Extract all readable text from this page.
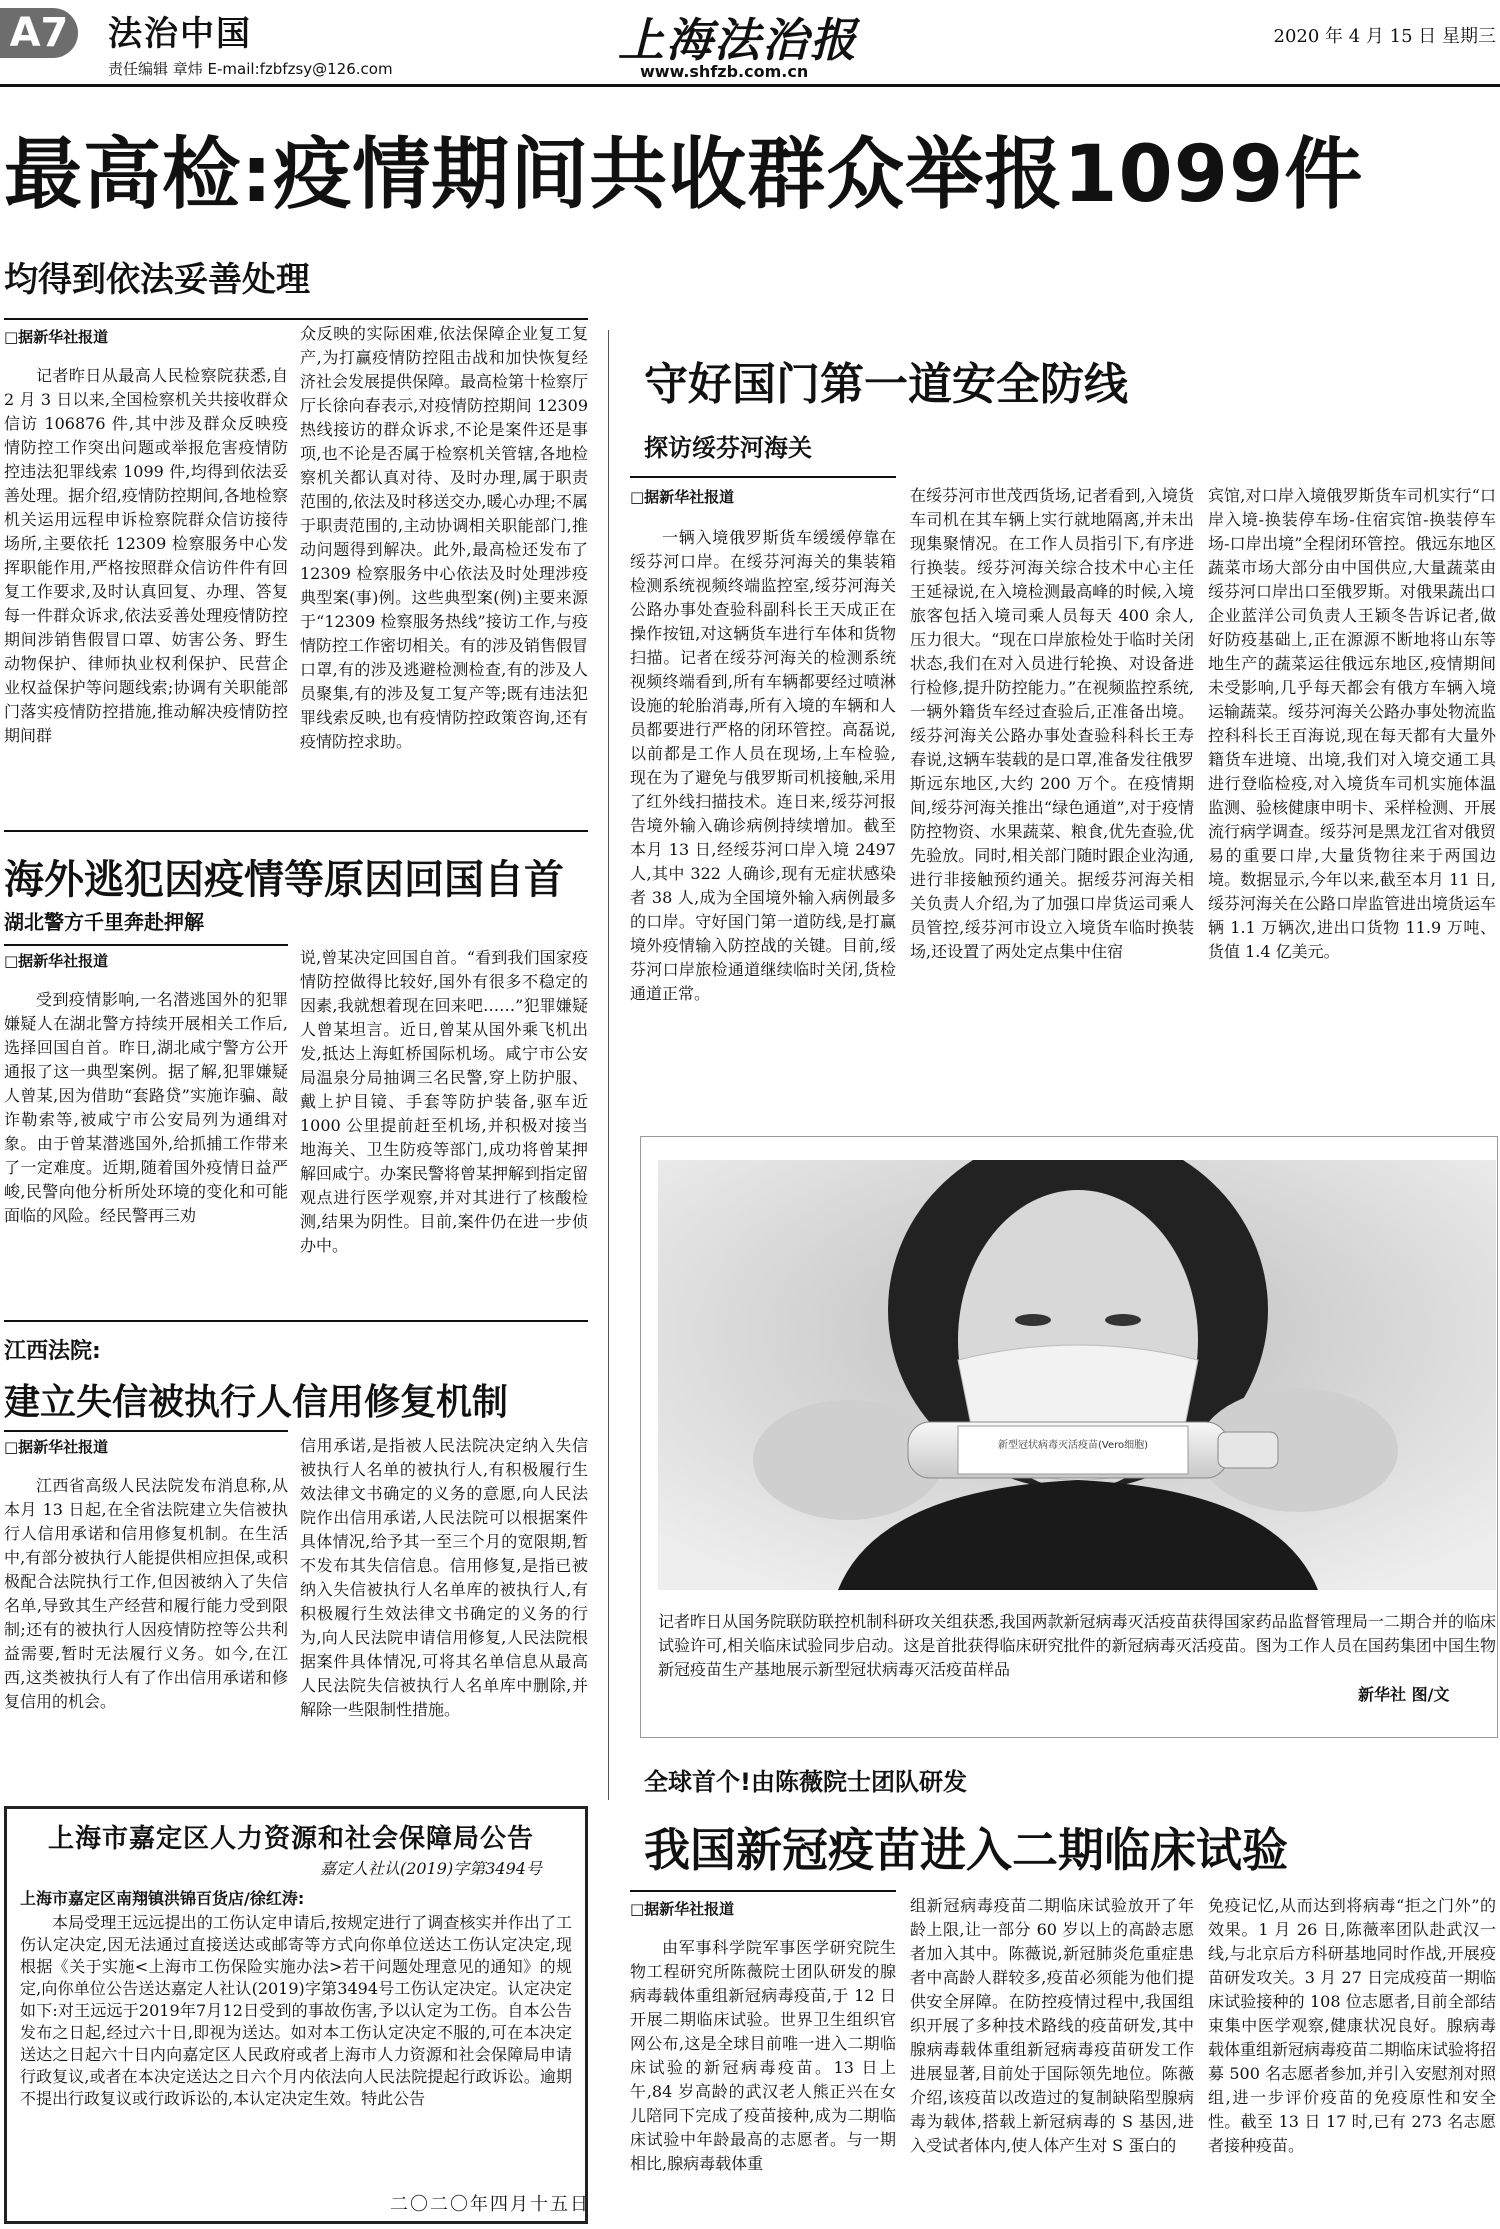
A7 法治中国
责任编辑 章炜 E-mail:fzbfzsy@126.com
上海法治报
www.shfzb.com.cn
2020 年 4 月 15 日 星期三
最高检:疫情期间共收群众举报1099件
均得到依法妥善处理
□据新华社报道
记者昨日从最高人民检察院获悉,自 2 月 3 日以来,全国检察机关共接收群众信访 106876 件,其中涉及群众反映疫情防控工作突出问题或举报危害疫情防控违法犯罪线索 1099 件,均得到依法妥善处理。据介绍,疫情防控期间,各地检察机关运用远程申诉检察院群众信访接待场所,主要依托 12309 检察服务中心发挥职能作用,严格按照群众信访件件有回复工作要求,及时认真回复、办理、答复每一件群众诉求,依法妥善处理疫情防控期间涉销售假冒口罩、妨害公务、野生动物保护、律师执业权利保护、民营企业权益保护等问题线索;协调有关职能部门落实疫情防控措施,推动解决疫情防控期间群
众反映的实际困难,依法保障企业复工复产,为打赢疫情防控阻击战和加快恢复经济社会发展提供保障。最高检第十检察厅厅长徐向春表示,对疫情防控期间 12309 热线接访的群众诉求,不论是案件还是事项,也不论是否属于检察机关管辖,各地检察机关都认真对待、及时办理,属于职责范围的,依法及时移送交办,暖心办理;不属于职责范围的,主动协调相关职能部门,推动问题得到解决。此外,最高检还发布了 12309 检察服务中心依法及时处理涉疫典型案(事)例。这些典型案(例)主要来源于“12309 检察服务热线”接访工作,与疫情防控工作密切相关。有的涉及销售假冒口罩,有的涉及逃避检测检查,有的涉及人员聚集,有的涉及复工复产等;既有违法犯罪线索反映,也有疫情防控政策咨询,还有疫情防控求助。
海外逃犯因疫情等原因回国自首
湖北警方千里奔赴押解
□据新华社报道
受到疫情影响,一名潜逃国外的犯罪嫌疑人在湖北警方持续开展相关工作后,选择回国自首。昨日,湖北咸宁警方公开通报了这一典型案例。据了解,犯罪嫌疑人曾某,因为借助“套路贷”实施诈骗、敲诈勒索等,被咸宁市公安局列为通缉对象。由于曾某潜逃国外,给抓捕工作带来了一定难度。近期,随着国外疫情日益严峻,民警向他分析所处环境的变化和可能面临的风险。经民警再三劝
说,曾某决定回国自首。“看到我们国家疫情防控做得比较好,国外有很多不稳定的因素,我就想着现在回来吧……”犯罪嫌疑人曾某坦言。近日,曾某从国外乘飞机出发,抵达上海虹桥国际机场。咸宁市公安局温泉分局抽调三名民警,穿上防护服、戴上护目镜、手套等防护装备,驱车近 1000 公里提前赶至机场,并积极对接当地海关、卫生防疫等部门,成功将曾某押解回咸宁。办案民警将曾某押解到指定留观点进行医学观察,并对其进行了核酸检测,结果为阴性。目前,案件仍在进一步侦办中。
江西法院:
建立失信被执行人信用修复机制
□据新华社报道
江西省高级人民法院发布消息称,从本月 13 日起,在全省法院建立失信被执行人信用承诺和信用修复机制。在生活中,有部分被执行人能提供相应担保,或积极配合法院执行工作,但因被纳入了失信名单,导致其生产经营和履行能力受到限制;还有的被执行人因疫情防控等公共利益需要,暂时无法履行义务。如今,在江西,这类被执行人有了作出信用承诺和修复信用的机会。
信用承诺,是指被人民法院决定纳入失信被执行人名单的被执行人,有积极履行生效法律文书确定的义务的意愿,向人民法院作出信用承诺,人民法院可以根据案件具体情况,给予其一至三个月的宽限期,暂不发布其失信信息。信用修复,是指已被纳入失信被执行人名单库的被执行人,有积极履行生效法律文书确定的义务的行为,向人民法院申请信用修复,人民法院根据案件具体情况,可将其名单信息从最高人民法院失信被执行人名单库中删除,并解除一些限制性措施。
守好国门第一道安全防线
探访绥芬河海关
□据新华社报道
一辆入境俄罗斯货车缓缓停靠在绥芬河口岸。在绥芬河海关的集装箱检测系统视频终端监控室,绥芬河海关公路办事处查验科副科长王天成正在操作按钮,对这辆货车进行车体和货物扫描。记者在绥芬河海关的检测系统视频终端看到,所有车辆都要经过喷淋设施的轮胎消毒,所有入境的车辆和人员都要进行严格的闭环管控。高磊说,以前都是工作人员在现场,上车检验,现在为了避免与俄罗斯司机接触,采用了红外线扫描技术。连日来,绥芬河报告境外输入确诊病例持续增加。截至本月 13 日,经绥芬河口岸入境 2497 人,其中 322 人确诊,现有无症状感染者 38 人,成为全国境外输入病例最多的口岸。守好国门第一道防线,是打赢境外疫情输入防控战的关键。目前,绥芬河口岸旅检通道继续临时关闭,货检通道正常。
在绥芬河市世茂西货场,记者看到,入境货车司机在其车辆上实行就地隔离,并未出现集聚情况。在工作人员指引下,有序进行换装。绥芬河海关综合技术中心主任王延禄说,在入境检测最高峰的时候,入境旅客包括入境司乘人员每天 400 余人,压力很大。“现在口岸旅检处于临时关闭状态,我们在对入员进行轮换、对设备进行检修,提升防控能力。”在视频监控系统,一辆外籍货车经过查验后,正准备出境。绥芬河海关公路办事处查验科科长王寿春说,这辆车装载的是口罩,准备发往俄罗斯远东地区,大约 200 万个。在疫情期间,绥芬河海关推出“绿色通道”,对于疫情防控物资、水果蔬菜、粮食,优先查验,优先验放。同时,相关部门随时跟企业沟通,进行非接触预约通关。据绥芬河海关相关负责人介绍,为了加强口岸货运司乘人员管控,绥芬河市设立入境货车临时换装场,还设置了两处定点集中住宿
宾馆,对口岸入境俄罗斯货车司机实行“口岸入境-换装停车场-住宿宾馆-换装停车场-口岸出境”全程闭环管控。俄远东地区蔬菜市场大部分由中国供应,大量蔬菜由绥芬河口岸出口至俄罗斯。对俄果蔬出口企业蓝洋公司负责人王颖冬告诉记者,做好防疫基础上,正在源源不断地将山东等地生产的蔬菜运往俄远东地区,疫情期间未受影响,几乎每天都会有俄方车辆入境运输蔬菜。绥芬河海关公路办事处物流监控科科长王百海说,现在每天都有大量外籍货车进境、出境,我们对入境交通工具进行登临检疫,对入境货车司机实施体温监测、验核健康申明卡、采样检测、开展流行病学调查。绥芬河是黑龙江省对俄贸易的重要口岸,大量货物往来于两国边境。数据显示,今年以来,截至本月 11 日,绥芬河海关在公路口岸监管进出境货运车辆 1.1 万辆次,进出口货物 11.9 万吨、货值 1.4 亿美元。
新型冠状病毒灭活疫苗(Vero细胞)
记者昨日从国务院联防联控机制科研攻关组获悉,我国两款新冠病毒灭活疫苗获得国家药品监督管理局一二期合并的临床试验许可,相关临床试验同步启动。这是首批获得临床研究批件的新冠病毒灭活疫苗。图为工作人员在国药集团中国生物新冠疫苗生产基地展示新型冠状病毒灭活疫苗样品
新华社 图/文
全球首个!由陈薇院士团队研发
我国新冠疫苗进入二期临床试验
□据新华社报道
由军事科学院军事医学研究院生物工程研究所陈薇院士团队研发的腺病毒载体重组新冠病毒疫苗,于 12 日开展二期临床试验。世界卫生组织官网公布,这是全球目前唯一进入二期临床试验的新冠病毒疫苗。13 日上午,84 岁高龄的武汉老人熊正兴在女儿陪同下完成了疫苗接种,成为二期临床试验中年龄最高的志愿者。与一期相比,腺病毒载体重
组新冠病毒疫苗二期临床试验放开了年龄上限,让一部分 60 岁以上的高龄志愿者加入其中。陈薇说,新冠肺炎危重症患者中高龄人群较多,疫苗必须能为他们提供安全屏障。在防控疫情过程中,我国组织开展了多种技术路线的疫苗研发,其中腺病毒载体重组新冠病毒疫苗研发工作进展显著,目前处于国际领先地位。陈薇介绍,该疫苗以改造过的复制缺陷型腺病毒为载体,搭载上新冠病毒的 S 基因,进入受试者体内,使人体产生对 S 蛋白的
免疫记忆,从而达到将病毒“拒之门外”的效果。1 月 26 日,陈薇率团队赴武汉一线,与北京后方科研基地同时作战,开展疫苗研发攻关。3 月 27 日完成疫苗一期临床试验接种的 108 位志愿者,目前全部结束集中医学观察,健康状况良好。腺病毒载体重组新冠病毒疫苗二期临床试验将招募 500 名志愿者参加,并引入安慰剂对照组,进一步评价疫苗的免疫原性和安全性。截至 13 日 17 时,已有 273 名志愿者接种疫苗。
上海市嘉定区人力资源和社会保障局公告
嘉定人社认(2019)字第3494号
上海市嘉定区南翔镇洪锦百货店/徐红涛:
本局受理王远远提出的工伤认定申请后,按规定进行了调查核实并作出了工伤认定决定,因无法通过直接送达或邮寄等方式向你单位送达工伤认定决定,现根据《关于实施<上海市工伤保险实施办法>若干问题处理意见的通知》的规定,向你单位公告送达嘉定人社认(2019)字第3494号工伤认定决定。认定决定如下:对王远远于2019年7月12日受到的事故伤害,予以认定为工伤。自本公告发布之日起,经过六十日,即视为送达。如对本工伤认定决定不服的,可在本决定送达之日起六十日内向嘉定区人民政府或者上海市人力资源和社会保障局申请行政复议,或者在本决定送达之日六个月内依法向人民法院提起行政诉讼。逾期不提出行政复议或行政诉讼的,本认定决定生效。特此公告
二〇二〇年四月十五日
